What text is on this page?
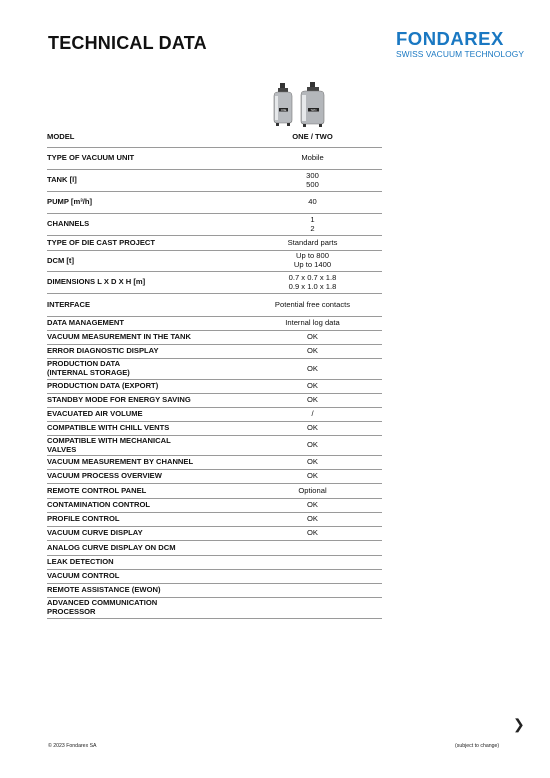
TECHNICAL DATA	FONDAREX
SWISS VACUUM TECHNOLOGY
ONE	TWO
MODEL	ONE / TWO
TYPE OF VACUUM UNIT	Mobile
TANK [l]	300
500
PUMP [m³/h]	40
CHANNELS	1
2
TYPE OF DIE CAST PROJECT	Standard parts
DCM [t]	Up to 800
Up to 1400
DIMENSIONS L X D X H [m]	0.7 x 0.7 x 1.8
0.9 x 1.0 x 1.8
INTERFACE	Potential free contacts
DATA MANAGEMENT	Internal log data
VACUUM MEASUREMENT IN THE TANK	OK
ERROR DIAGNOSTIC DISPLAY	OK
PRODUCTION DATA
(INTERNAL STORAGE)	OK
PRODUCTION DATA (EXPORT)	OK
STANDBY MODE FOR ENERGY SAVING	OK
EVACUATED AIR VOLUME	/
COMPATIBLE WITH CHILL VENTS	OK
COMPATIBLE WITH MECHANICAL
VALVES	OK
VACUUM MEASUREMENT BY CHANNEL	OK
VACUUM PROCESS OVERVIEW	OK
REMOTE CONTROL PANEL	Optional
CONTAMINATION CONTROL	OK
PROFILE CONTROL	OK
VACUUM CURVE DISPLAY	OK
ANALOG CURVE DISPLAY ON DCM
LEAK DETECTION
VACUUM CONTROL
REMOTE ASSISTANCE (EWON)
ADVANCED COMMUNICATION
PROCESSOR
❯
© 2023 Fondarex SA	(subject to change)
